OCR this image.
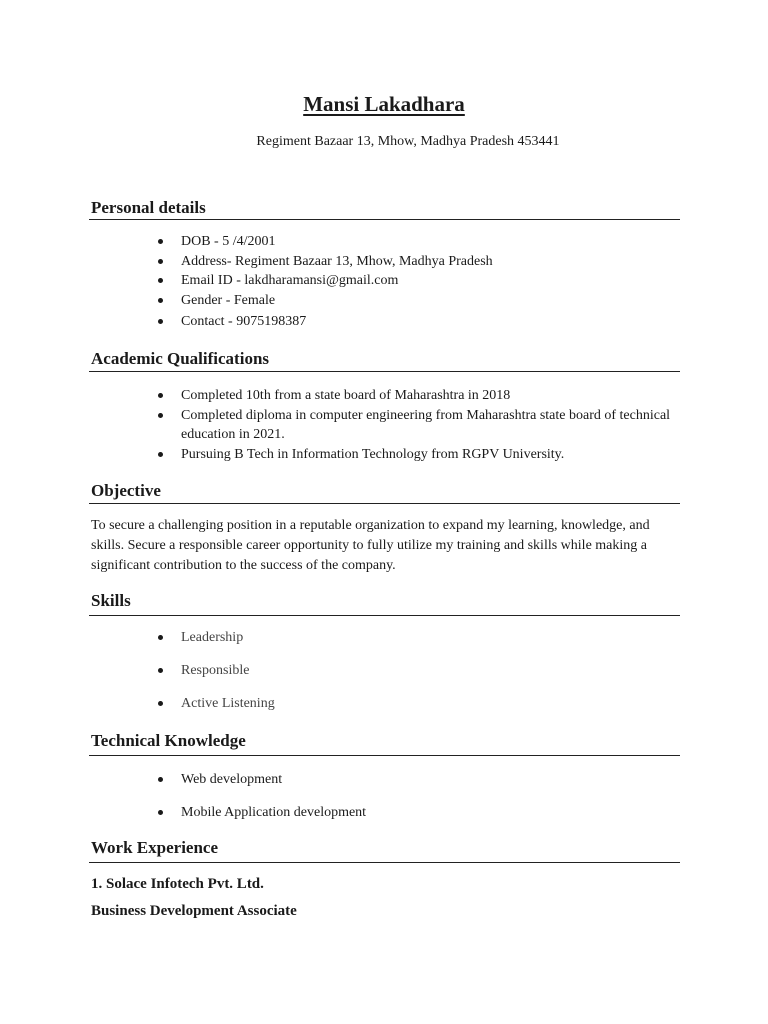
Mansi Lakadhara
Regiment Bazaar 13, Mhow, Madhya Pradesh 453441
Personal details
DOB - 5 /4/2001
Address- Regiment Bazaar 13, Mhow, Madhya Pradesh
Email ID - lakdharamansi@gmail.com
Gender - Female
Contact - 9075198387
Academic Qualifications
Completed 10th from a state board of Maharashtra in 2018
Completed diploma in computer engineering from Maharashtra state board of technical education in 2021.
Pursuing B Tech in Information Technology from RGPV University.
Objective
To secure a challenging position in a reputable organization to expand my learning, knowledge, and skills. Secure a responsible career opportunity to fully utilize my training and skills while making a significant contribution to the success of the company.
Skills
Leadership
Responsible
Active Listening
Technical Knowledge
Web development
Mobile Application development
Work Experience
1. Solace Infotech Pvt. Ltd.
Business Development Associate
